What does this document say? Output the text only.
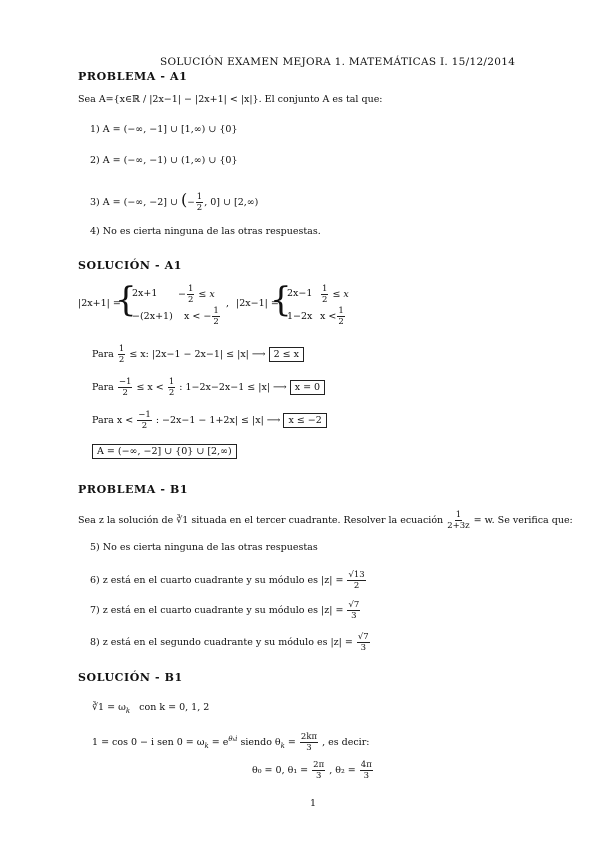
SOLUCIÓN EXAMEN MEJORA 1. MATEMÁTICAS I. 15/12/2014
PROBLEMA - A1
Sea A={x∈ℝ / |2x−1| − |2x+1| < |x|}. El conjunto A es tal que:
1) A = (−∞, −1] ∪ [1,∞) ∪ {0}
2) A = (−∞, −1) ∪ (1,∞) ∪ {0}
3) A = (−∞, −2] ∪ (− $\frac{1}{2}$ , 0] ∪ [2,∞)
4) No es cierta ninguna de las otras respuestas.
SOLUCIÓN - A1
|2x+1| =
{
$2x+1 - \frac{1}{2} \le x$
−(2x+1) x < − $\frac{1}{2}$
, |2x−1| =
{
$2x-1 \frac{1}{2} \le x$
1−2x $x < \frac{1}{2}$
Para $\frac{1}{2} \le x$: |2x−1 − 2x−1| ≤ |x| ⟶ 2 ≤ x
Para $\frac{-1}{2} \le x < \frac{1}{2}$ : 1−2x−2x−1 ≤ |x| ⟶ x = 0
Para $x < \frac{-1}{2}$ : −2x−1 − 1+2x| ≤ |x| ⟶ x ≤ −2
A = (−∞, −2] ∪ {0} ∪ [2,∞)
PROBLEMA - B1
Sea z la solución de ∛1 situada en el tercer cuadrante. Resolver la ecuación $\frac{1}{2+3z} = w$. Se verifica que:
5) No es cierta ninguna de las otras respuestas
6) z está en el cuarto cuadrante y su módulo es $|z| = \frac{√13}{2}$
7) z está en el cuarto cuadrante y su módulo es $|z| = \frac{√7}{3}$
8) z está en el segundo cuadrante y su módulo es $|z| = \frac{√7}{3}$
SOLUCIÓN - B1
∛1 = $\omega_k$ con k = 0, 1, 2
1 = cos 0 − i sen $0 = \omega_k = e^{\theta_ki}$ siendo $\theta_k = \frac{2k\pi}{3}$ , es decir:
θ₀ = 0, $\theta_1 = \frac{2\pi}{3}$ , $\theta_2 = \frac{4\pi}{3}$
1
